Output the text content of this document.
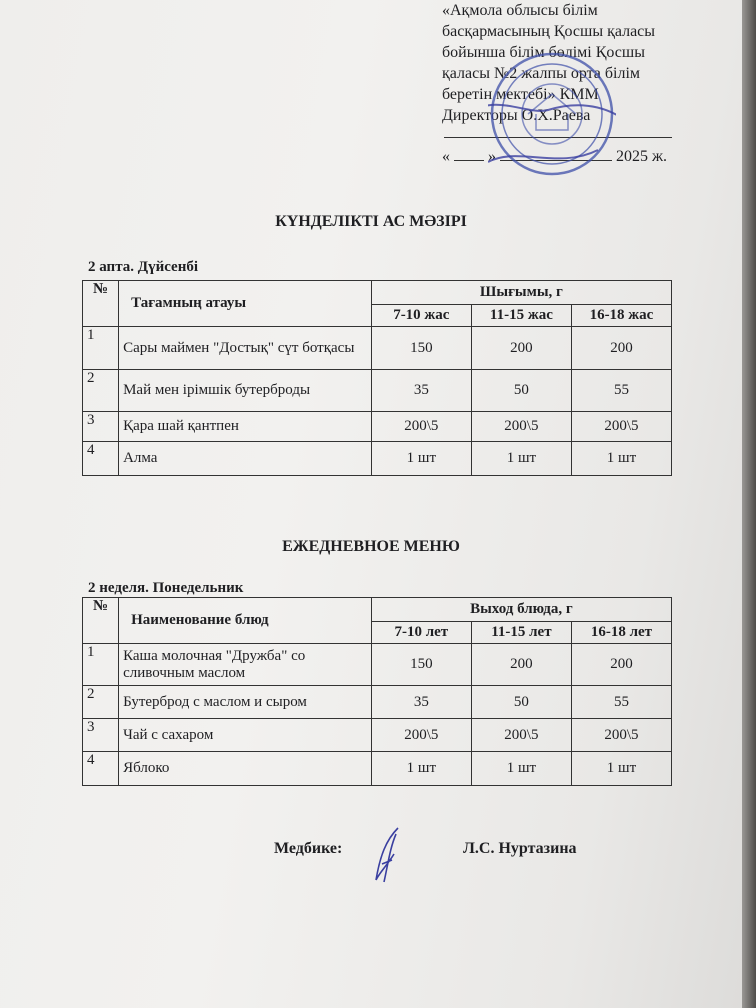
«Ақмола облысы білім
басқармасының Қосшы қаласы
бойынша білім бөлімі Қосшы
қаласы №2 жалпы орта білім
беретін мектебі» КММ
Директоры О.Х.Раева
« »	2025 ж.
КҮНДЕЛІКТІ АС МӘЗІРІ
2 апта. Дүйсенбі
№	Тағамның атауы	Шығымы, г		
		7-10 жас	11-15 жас	16-18 жас
1	Сары маймен "Достық" сүт ботқасы	150	200	200
2	Май мен ірімшік бутерброды	35	50	55
3	Қара шай қантпен	200\5	200\5	200\5
4	Алма	1 шт	1 шт	1 шт
ЕЖЕДНЕВНОЕ МЕНЮ
2 неделя. Понедельник
№	Наименование блюд	Выход блюда, г		
		7-10 лет	11-15 лет	16-18 лет
1	Каша молочная "Дружба" со сливочным маслом	150	200	200
2	Бутерброд с маслом и сыром	35	50	55
3	Чай с сахаром	200\5	200\5	200\5
4	Яблоко	1 шт	1 шт	1 шт
Медбике:	Л.С. Нуртазина
